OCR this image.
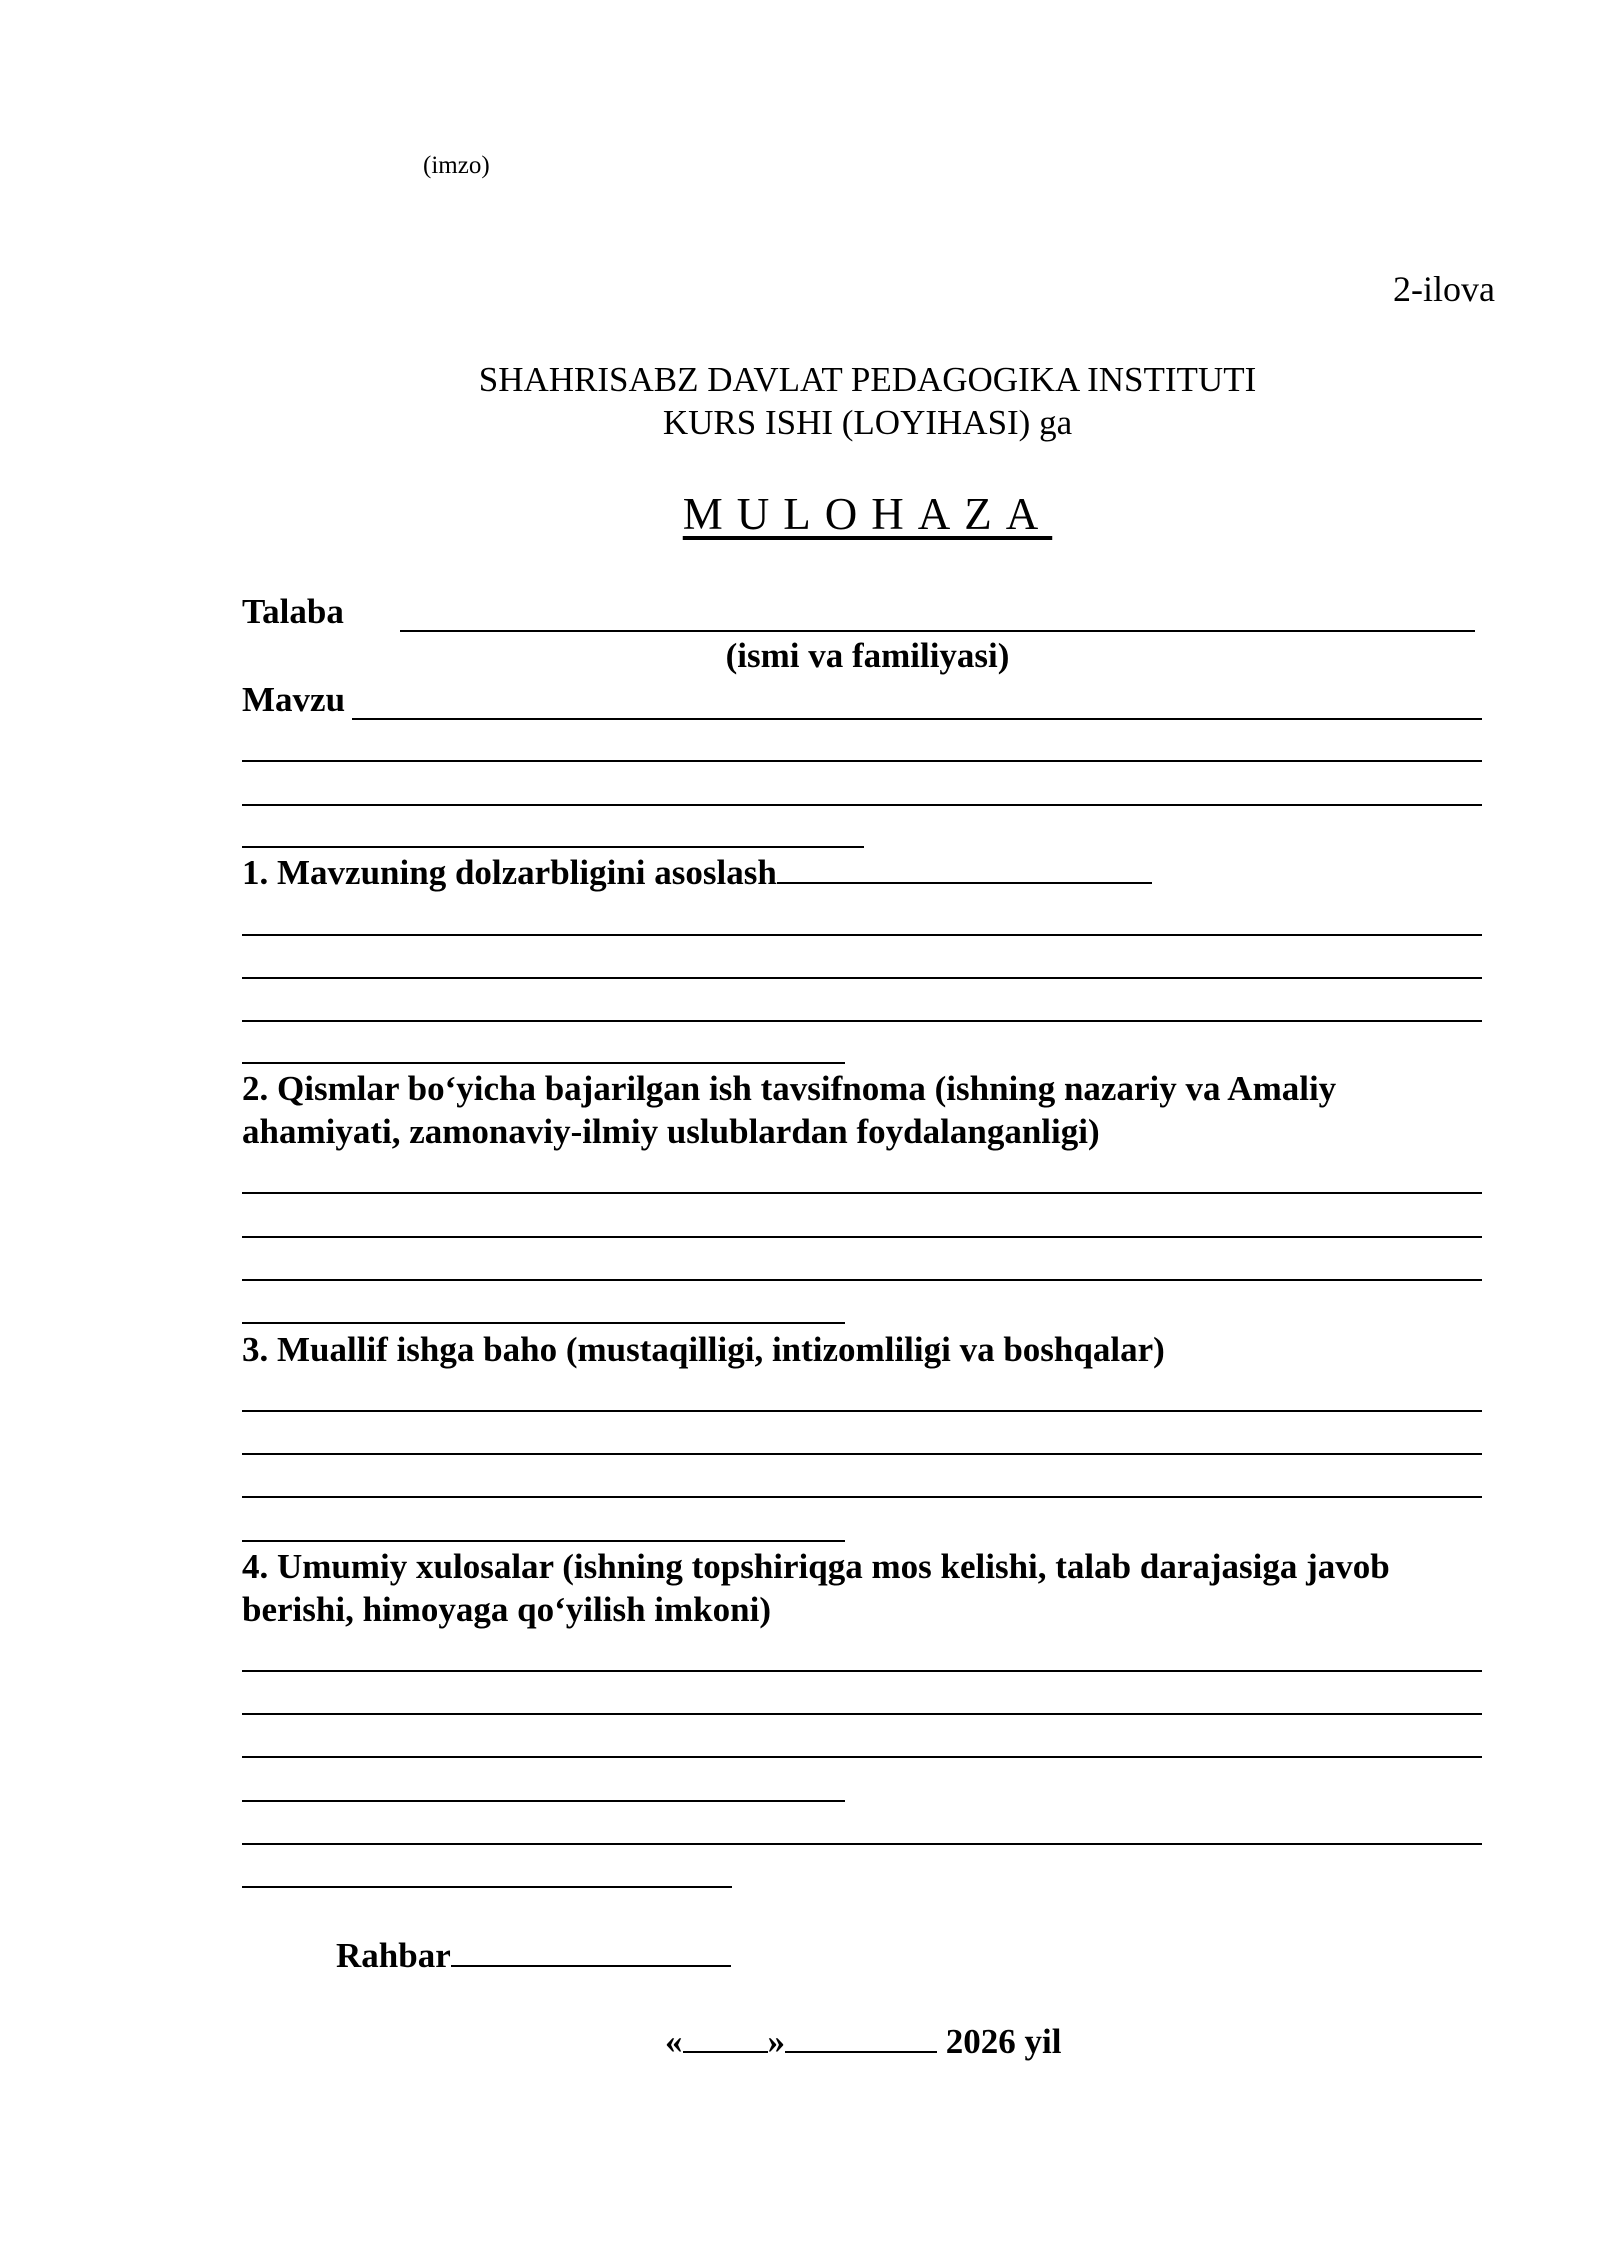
(imzo)
2-ilova
SHAHRISABZ DAVLAT PEDAGOGIKA INSTITUTI
KURS ISHI (LOYIHASI) ga
MULOHAZA
Talaba
(ismi va familiyasi)
Mavzu
1. Mavzuning dolzarbligini asoslash
2. Qismlar bo‘yicha bajarilgan ish tavsifnoma (ishning nazariy va Amaliy
ahamiyati, zamonaviy-ilmiy uslublardan foydalanganligi)
3. Muallif ishga baho (mustaqilligi, intizomliligi va boshqalar)
4. Umumiy xulosalar (ishning topshiriqga mos kelishi, talab darajasiga javob
berishi, himoyaga qo‘yilish imkoni)
Rahbar
« »	2026 yil
